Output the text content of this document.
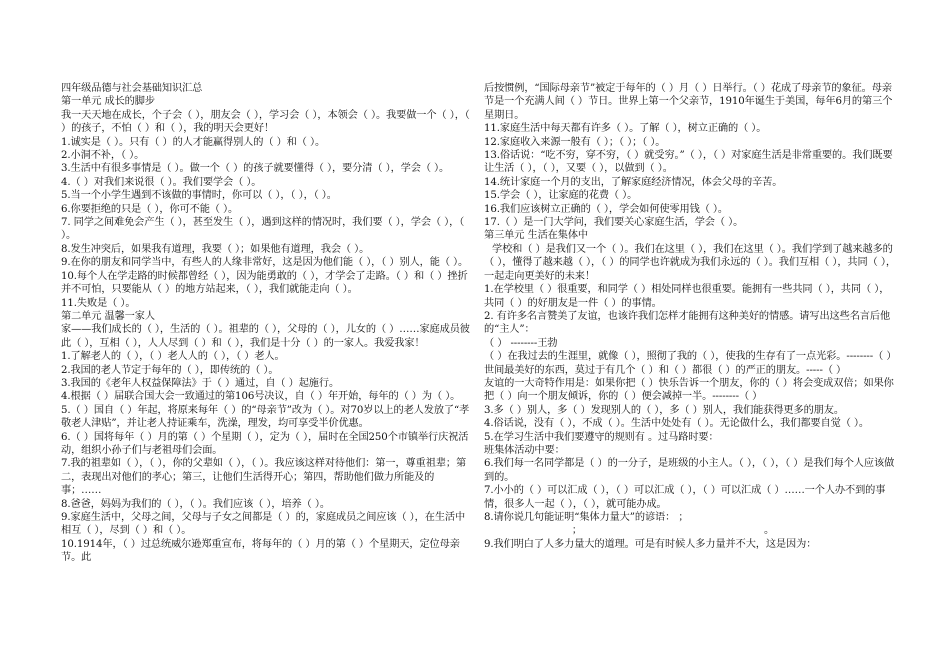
四年级品德与社会基础知识汇总

第一单元 成长的脚步

我一天天地在成长，个子会（ ），朋友会（ ），学习会（ ），本领会（ ）。我要做一个（ ），（ ）的孩子，不怕（ ）和（ ），我的明天会更好！

1.诚实是（ ）。只有（ ）的人才能赢得别人的（ ）和（ ）。

2.小洞不补，（ ）。

3.生活中有很多事情是（ ）。做一个（ ）的孩子就要懂得（ ），要分清（ ），学会（ ）。

4.（ ）对我们来说很（ ）。我们要学会（ ）。

5.当一个小学生遇到不该做的事情时，你可以（ ），（ ），（ ）。

6.你要拒绝的只是（ ），你可不能（ ）。

7. 同学之间难免会产生（ ），甚至发生（ ），遇到这样的情况时，我们要（ ），学会（ ），（ ）。

8.发生冲突后，如果我有道理，我要（ ）；如果他有道理，我会（ ）。

9.在你的朋友和同学当中，有些人的人缘非常好，这是因为他们能（ ），（ ）别人，能（ ）。

10.每个人在学走路的时候都曾经（ ），因为能勇敢的（ ），才学会了走路。（ ）和（ ）挫折并不可怕，只要能从（ ）的地方站起来，（ ），我们就能走向（ ）。

11.失败是（ ）。

第二单元 温馨一家人

家——我们成长的（ ），生活的（ ）。祖辈的（ ），父母的（ ），儿女的（ ）……家庭成员彼此（ ），互相（ ），人人尽到（ ）和（ ），我们是十分（ ）的一家人。我爱我家！

1.了解老人的（ ），（ ）老人人的（ ），（ ）老人。

2.我国的老人节定于每年的（ ），即传统的（ ）。

3.我国的《老年人权益保障法》于（ ）通过，自（ ）起施行。

4.根据（ ）届联合国大会一致通过的第106号决议，自（ ）年开始，每年的（ ）为（ ）。

5.（ ）国自（ ）年起，将原来每年（ ）的“母亲节”改为（ ）。对70岁以上的老人发放了“孝敬老人津贴”，并让老人持证乘车，洗澡，理发，均可享受半价优惠。

6.（ ）国将每年（ ）月的第（ ）个星期（ ），定为（ ），届时在全国250个市镇举行庆祝活动，组织小孙子们与老祖母们会面。

7.我的祖辈如（ ），（ ），你的父辈如（ ），（ ）。我应该这样对待他们：第一，尊重祖辈；第二，表现出对他们的孝心；第三，让他们生活得开心；第四，帮助他们做力所能及的事；……

8.爸爸，妈妈为我们的（ ），（ ）。我们应该（ ），培养（ ）。

9.家庭生活中，父母之间，父母与子女之间都是（ ）的，家庭成员之间应该（ ），在生活中相互（ ），尽到（ ）和（ ）。

10.1914年，（ ）过总统威尔逊郑重宣布，将每年的（ ）月的第（ ）个星期天，定位母亲节。此

后按惯例，“国际母亲节”被定于每年的（ ）月（ ）日举行。（ ）花成了母亲节的象征。母亲节是一个充满人间（ ）节日。世界上第一个父亲节，1910年诞生于美国，每年6月的第三个星期日。

11.家庭生活中每天都有许多（ ）。了解（ ），树立正确的（ ）。

12.家庭收入来源一般有（ ）；（ ）；（ ）。

13.俗话说：“吃不穷，穿不穷，（ ）就受穷。”（ ），（ ）对家庭生活是非常重要的。我们既要让生活（ ），（ ），又要（ ），以做到（ ）。

14.统计家庭一个月的支出，了解家庭经济情况，体会父母的辛苦。

15.学会（ ），让家庭的花费（ ）。

16.我们应该树立正确的（ ），学会如何使零用钱（ ）。

17.（ ）是一门大学问，我们要关心家庭生活，学会（ ）。

第三单元 生活在集体中

学校和（ ）是我们又一个（ ）。我们在这里（ ），我们在这里（ ）。我们学到了越来越多的（ ），懂得了越来越（ ），（ ）的同学也许就成为我们永远的（ ）。我们互相（ ），共同（ ），一起走向更美好的未来！

1.在学校里（ ）很重要，和同学（ ）相处同样也很重要。能拥有一些共同（ ），共同（ ），共同（ ）的好朋友是一件（ ）的事情。

2. 有许多名言赞美了友谊，也该许我们怎样才能拥有这种美好的情感。请写出这些名言后他的“主人”：

（ ） --------王勃

（ ）在我过去的生涯里，就像（ ），照彻了我的（ ），使我的生存有了一点光彩。--------（ ）

世间最美好的东西，莫过于有几个（ ）和（ ）都很（ ）的严正的朋友。-----（ ）

友谊的一大奇特作用是：如果你把（ ）快乐告诉一个朋友，你的（ ）将会变成双倍；如果你把（ ）向一个朋友倾诉，你的（ ）便会减掉一半。--------（ ）

3.多（ ）别人，多（ ）发现别人的（ ），多（ ）别人，我们能获得更多的朋友。

4.俗话说，没有（ ），不成（ ）。生活中处处有（ ）。无论做什么，我们都要自觉（ ）。

5.在学习生活中我们要遵守的规则有 。过马路时要：

班集体活动中要：

6.我们每一名同学都是（ ）的一分子，是班级的小主人。（ ），（ ），（ ）是我们每个人应该做到的。

7.小小的（ ）可以汇成（ ），（ ）可以汇成（ ），（ ）可以汇成（ ）……一个人办不到的事情，很多人一起（ ），（ ），就可能办成。

8.请你说几句能证明“集体力量大”的谚语： ；

；                                                          。

9.我们明白了人多力量大的道理。可是有时候人多力量并不大，这是因为：
